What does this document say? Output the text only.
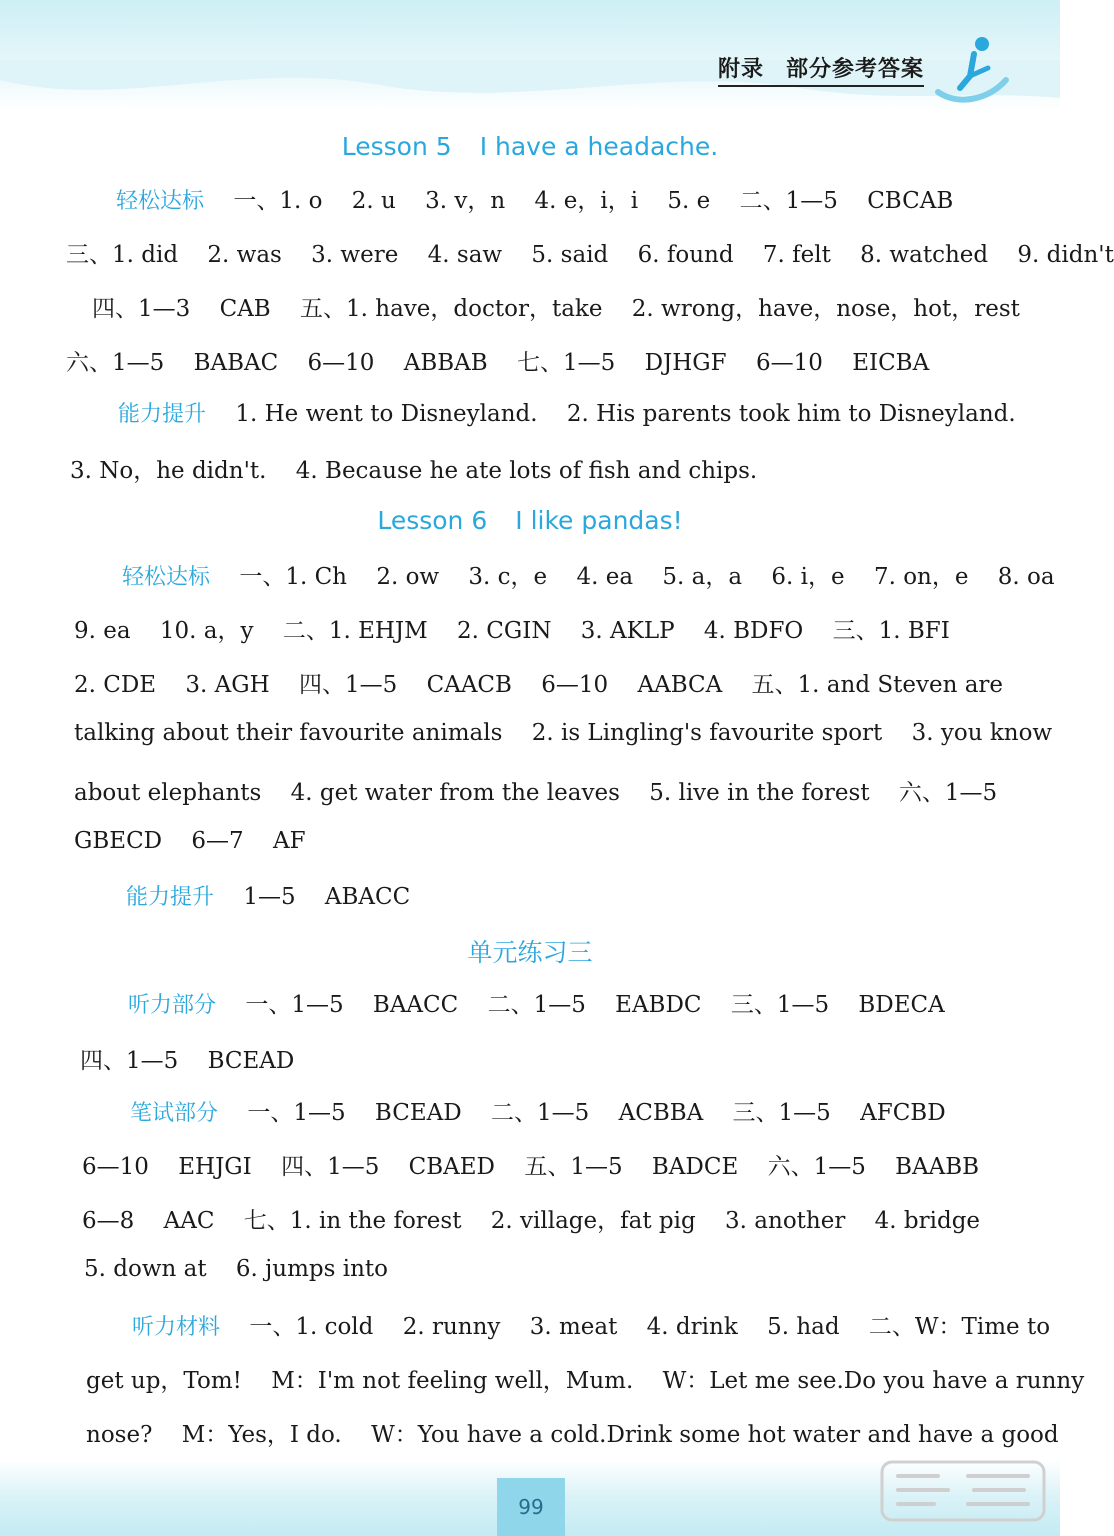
附录 部分参考答案
Lesson 5 I have a headache.
轻松达标 一、1. o 2. u 3. v，n 4. e，i，i 5. e 二、1—5 CBCAB
三、1. did 2. was 3. were 4. saw 5. said 6. found 7. felt 8. watched 9. didn't
四、1—3 CAB 五、1. have，doctor，take 2. wrong，have，nose，hot，rest
六、1—5 BABAC 6—10 ABBAB 七、1—5 DJHGF 6—10 EICBA
能力提升 1. He went to Disneyland. 2. His parents took him to Disneyland.
3. No，he didn't. 4. Because he ate lots of fish and chips.
Lesson 6 I like pandas!
轻松达标 一、1. Ch 2. ow 3. c，e 4. ea 5. a，a 6. i，e 7. on，e 8. oa
9. ea 10. a，y 二、1. EHJM 2. CGIN 3. AKLP 4. BDFO 三、1. BFI
2. CDE 3. AGH 四、1—5 CAACB 6—10 AABCA 五、1. and Steven are
talking about their favourite animals 2. is Lingling's favourite sport 3. you know
about elephants 4. get water from the leaves 5. live in the forest 六、1—5
GBECD 6—7 AF
能力提升 1—5 ABACC
单元练习三
听力部分 一、1—5 BAACC 二、1—5 EABDC 三、1—5 BDECA
四、1—5 BCEAD
笔试部分 一、1—5 BCEAD 二、1—5 ACBBA 三、1—5 AFCBD
6—10 EHJGI 四、1—5 CBAED 五、1—5 BADCE 六、1—5 BAABB
6—8 AAC 七、1. in the forest 2. village，fat pig 3. another 4. bridge
5. down at 6. jumps into
听力材料 一、1. cold 2. runny 3. meat 4. drink 5. had 二、W：Time to
get up，Tom! M：I'm not feeling well，Mum. W：Let me see.Do you have a runny
nose? M：Yes，I do. W：You have a cold.Drink some hot water and have a good
99
